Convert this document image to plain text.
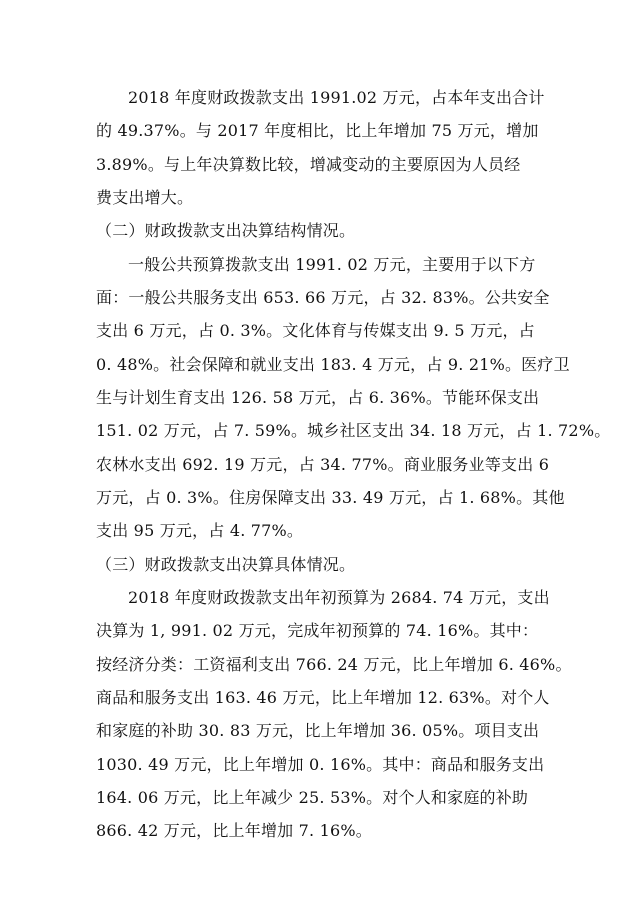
2018 年度财政拨款支出 1991.02 万元，占本年支出合计
的 49.37%。与 2017 年度相比，比上年增加 75 万元，增加
3.89%。与上年决算数比较，增减变动的主要原因为人员经
费支出增大。
（二）财政拨款支出决算结构情况。
一般公共预算拨款支出 1991. 02 万元，主要用于以下方
面：一般公共服务支出 653. 66 万元，占 32. 83%。公共安全
支出 6 万元，占 0. 3%。文化体育与传媒支出 9. 5 万元，占
0. 48%。社会保障和就业支出 183. 4 万元，占 9. 21%。医疗卫
生与计划生育支出 126. 58 万元，占 6. 36%。节能环保支出
151. 02 万元，占 7. 59%。城乡社区支出 34. 18 万元，占 1. 72%。
农林水支出 692. 19 万元，占 34. 77%。商业服务业等支出 6
万元，占 0. 3%。住房保障支出 33. 49 万元，占 1. 68%。其他
支出 95 万元，占 4. 77%。
（三）财政拨款支出决算具体情况。
2018 年度财政拨款支出年初预算为 2684. 74 万元，支出
决算为 1, 991. 02 万元，完成年初预算的 74. 16%。其中：
按经济分类：工资福利支出 766. 24 万元，比上年增加 6. 46%。
商品和服务支出 163. 46 万元，比上年增加 12. 63%。对个人
和家庭的补助 30. 83 万元，比上年增加 36. 05%。项目支出
1030. 49 万元，比上年增加 0. 16%。其中：商品和服务支出
164. 06 万元，比上年减少 25. 53%。对个人和家庭的补助
866. 42 万元，比上年增加 7. 16%。
